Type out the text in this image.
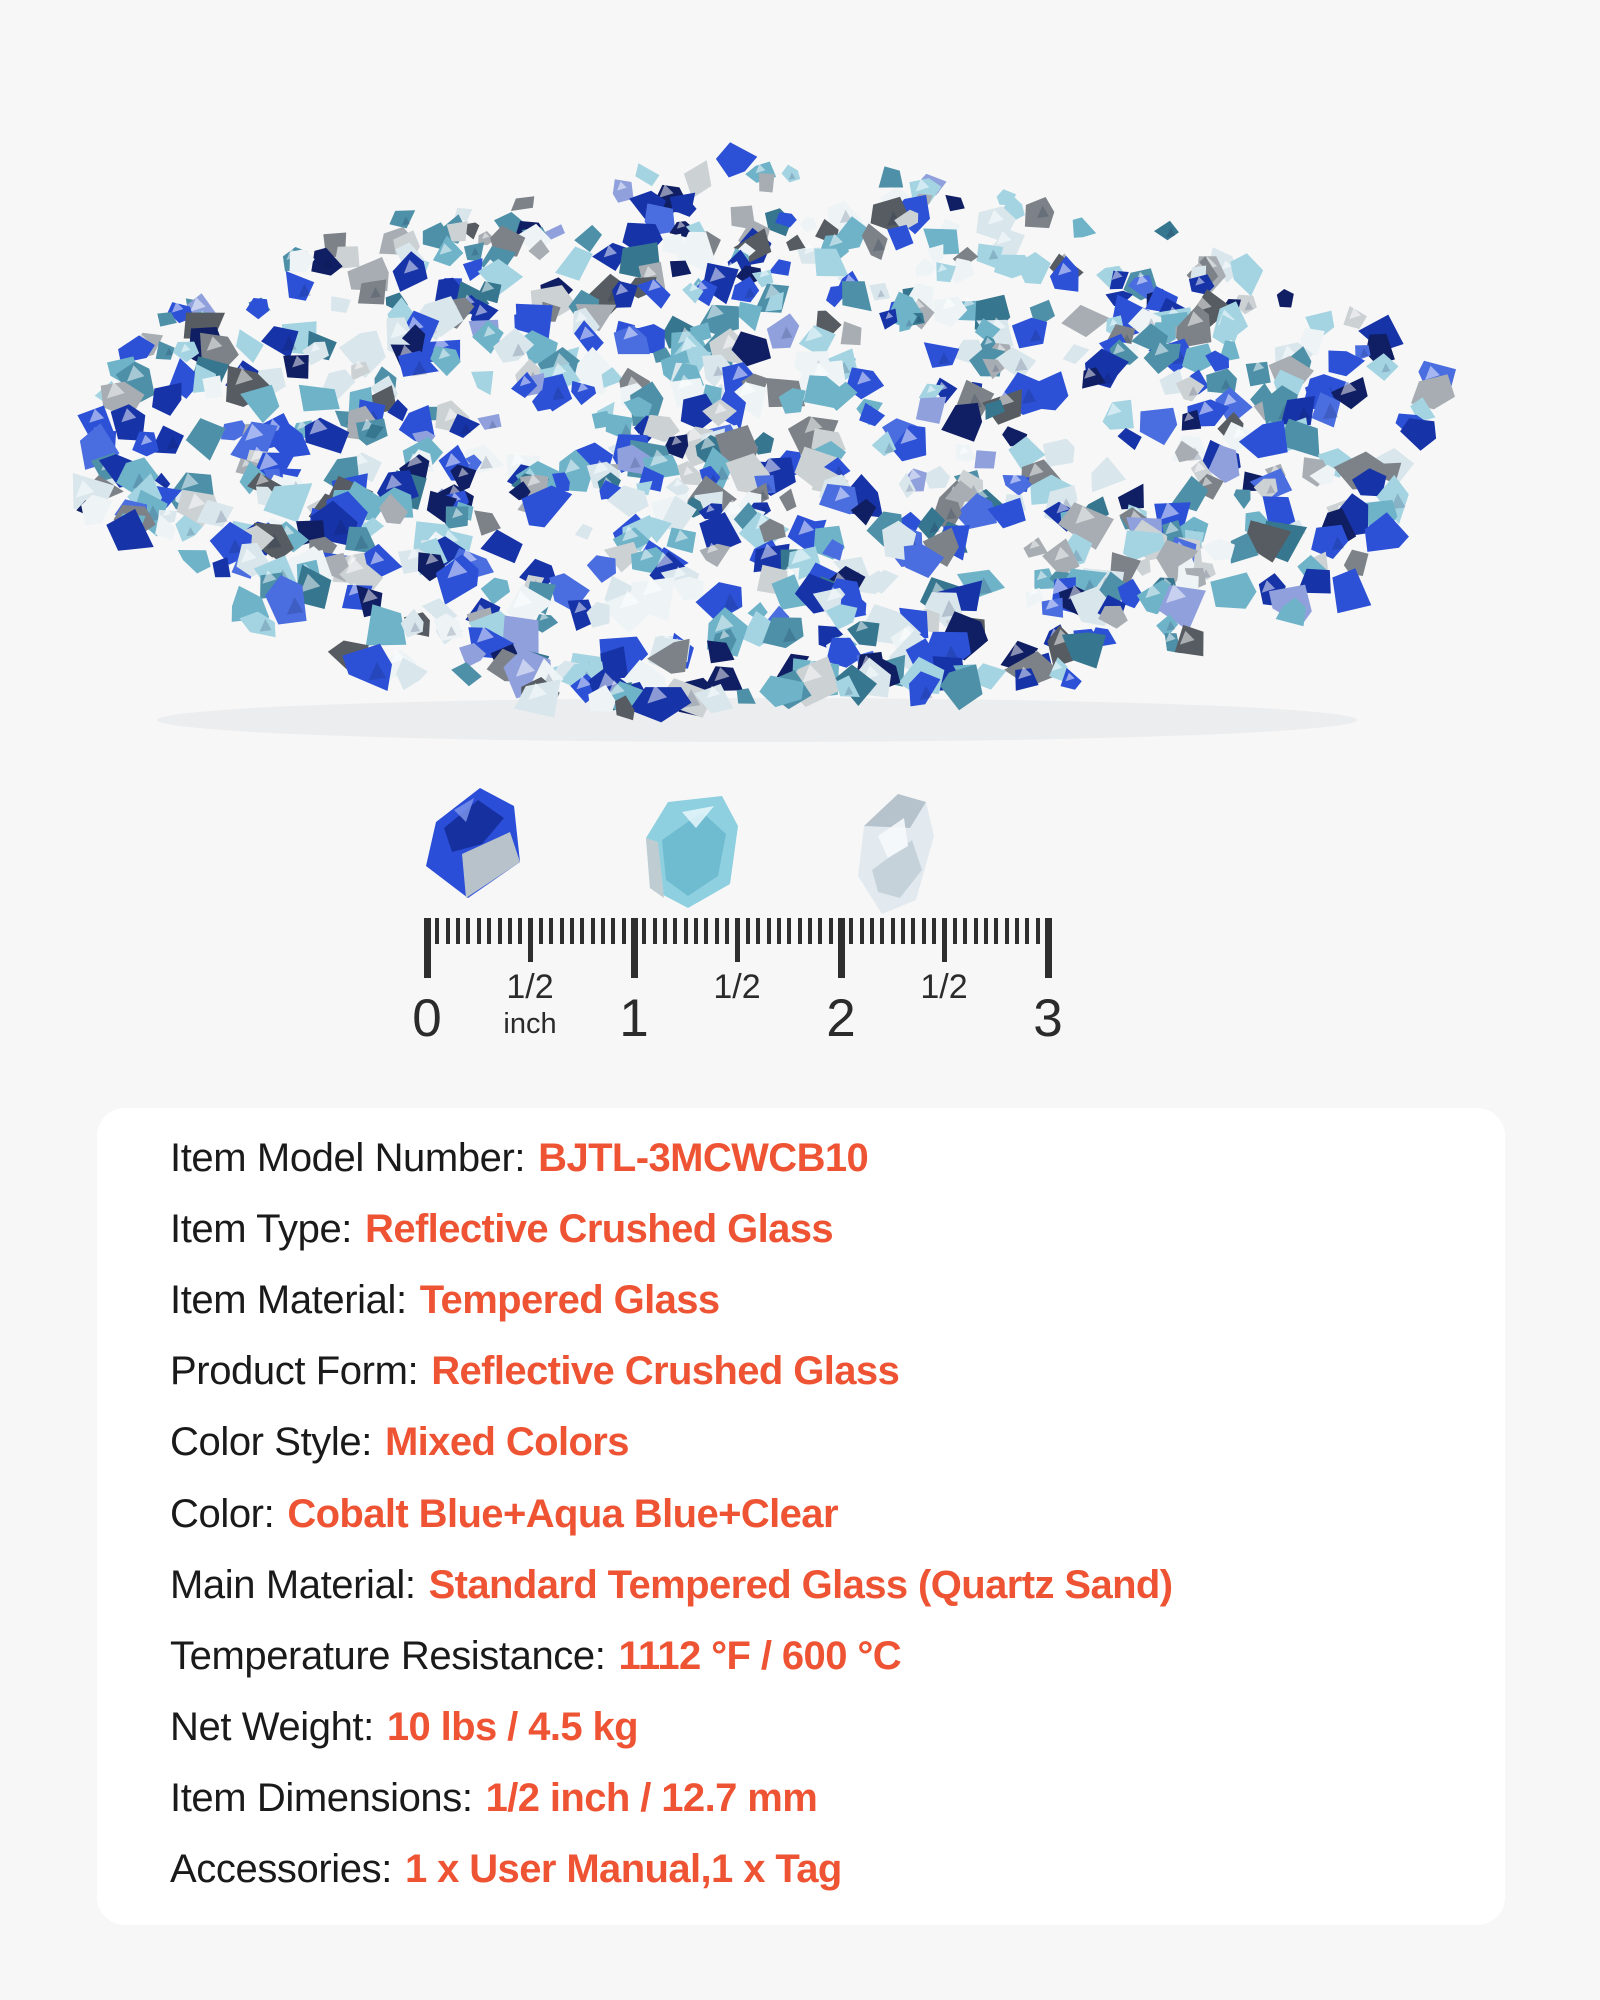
0	1	2	3
1/2	1/2	1/2
inch
Item Model Number: BJTL-3MCWCB10
Item Type: Reflective Crushed Glass
Item Material: Tempered Glass
Product Form: Reflective Crushed Glass
Color Style: Mixed Colors
Color: Cobalt Blue+Aqua Blue+Clear
Main Material: Standard Tempered Glass (Quartz Sand)
Temperature Resistance: 1112 °F / 600 °C
Net Weight: 10 lbs / 4.5 kg
Item Dimensions: 1/2 inch / 12.7 mm
Accessories: 1 x User Manual,1 x Tag
